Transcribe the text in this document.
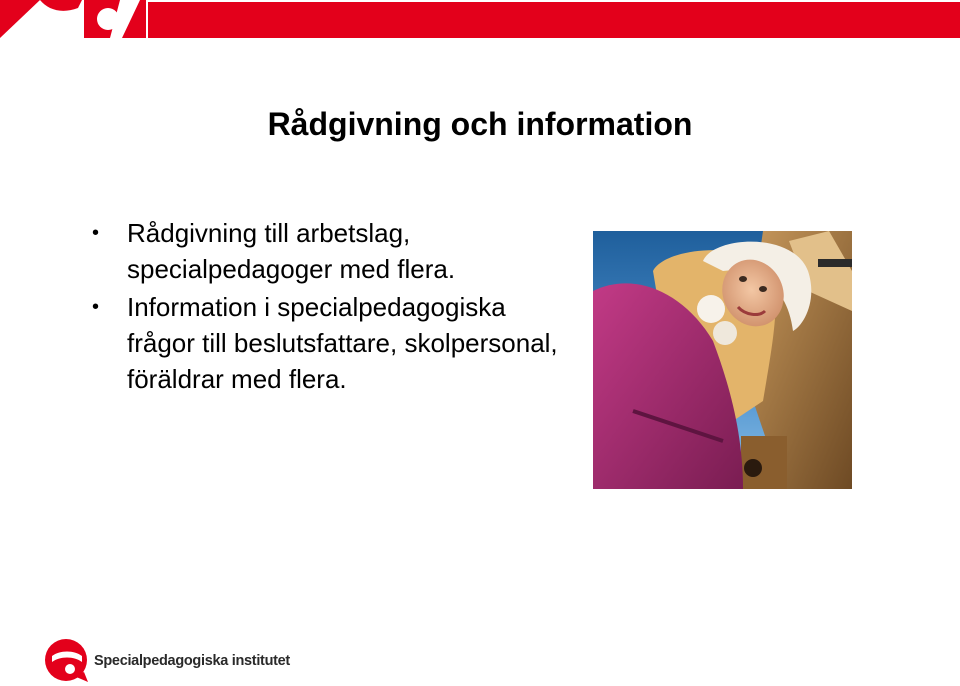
Rådgivning och information
• Rådgivning till arbetslag, specialpedagoger med flera.
• Information i specialpedagogiska frågor till beslutsfattare, skolpersonal, föräldrar med flera.
Specialpedagogiska institutet
